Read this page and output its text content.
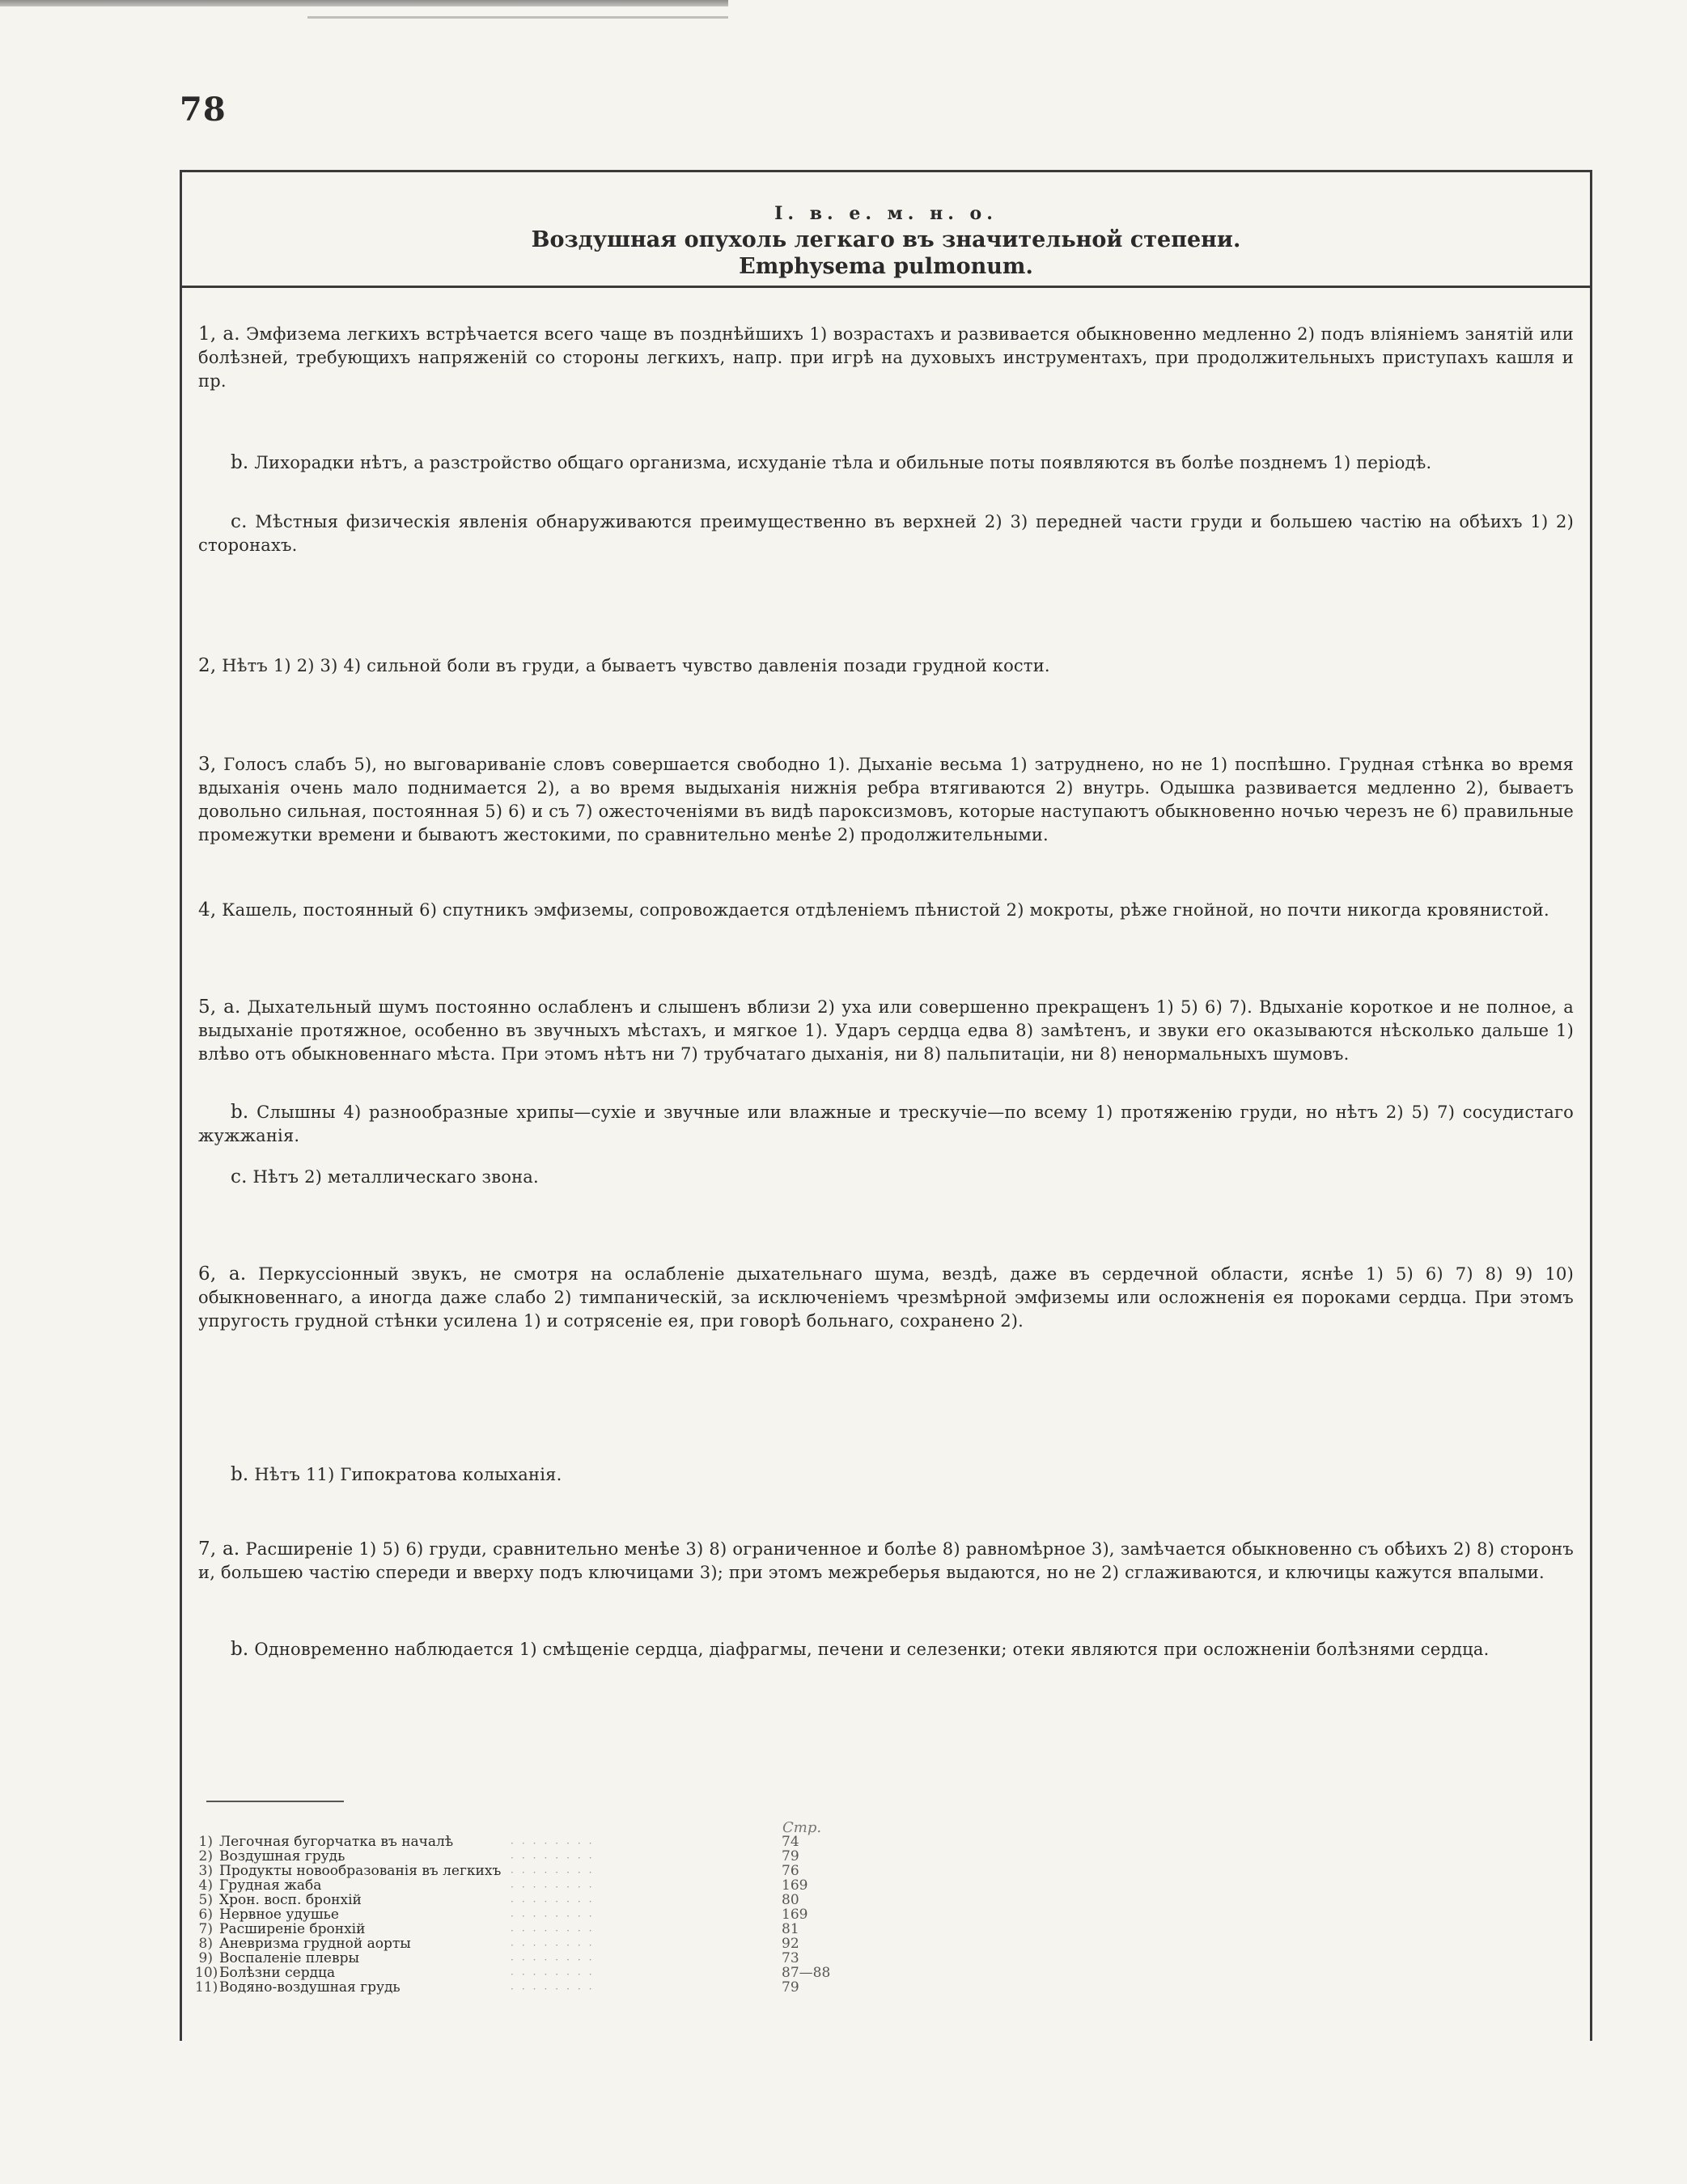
78
I. в. е. м. н. о.
Воздушная опухоль легкаго въ значительной степени.
Emphysema pulmonum.
1, а. Эмфизема легкихъ встрѣчается всего чаще въ позднѣйшихъ 1) возрастахъ и развивается обыкновенно медленно 2) подъ вліяніемъ занятій или болѣзней, требующихъ напряженій со стороны легкихъ, напр. при игрѣ на духовыхъ инструментахъ, при продолжительныхъ приступахъ кашля и пр.
b. Лихорадки нѣтъ, а разстройство общаго организма, исхуданіе тѣла и обильные поты появляются въ болѣе позднемъ 1) періодѣ.
c. Мѣстныя физическія явленія обнаруживаются преимущественно въ верхней 2) 3) передней части груди и большею частію на обѣихъ 1) 2) сторонахъ.
2, Нѣтъ 1) 2) 3) 4) сильной боли въ груди, а бываетъ чувство давленія позади грудной кости.
3, Голосъ слабъ 5), но выговариваніе словъ совершается свободно 1). Дыханіе весьма 1) затруднено, но не 1) поспѣшно. Грудная стѣнка во время вдыханія очень мало поднимается 2), а во время выдыханія нижнія ребра втягиваются 2) внутрь. Одышка развивается медленно 2), бываетъ довольно сильная, постоянная 5) 6) и съ 7) ожесточеніями въ видѣ пароксизмовъ, которые наступаютъ обыкновенно ночью черезъ не 6) правильные промежутки времени и бываютъ жестокими, по сравнительно менѣе 2) продолжительными.
4, Кашель, постоянный 6) спутникъ эмфиземы, сопровождается отдѣленіемъ пѣнистой 2) мокроты, рѣже гнойной, но почти никогда кровянистой.
5, а. Дыхательный шумъ постоянно ослабленъ и слышенъ вблизи 2) уха или совершенно прекращенъ 1) 5) 6) 7). Вдыханіе короткое и не полное, а выдыханіе протяжное, особенно въ звучныхъ мѣстахъ, и мягкое 1). Ударъ сердца едва 8) замѣтенъ, и звуки его оказываются нѣсколько дальше 1) влѣво отъ обыкновеннаго мѣста. При этомъ нѣтъ ни 7) трубчатаго дыханія, ни 8) пальпитаціи, ни 8) ненормальныхъ шумовъ.
b. Слышны 4) разнообразные хрипы—сухіе и звучные или влажные и трескучіе—по всему 1) протяженію груди, но нѣтъ 2) 5) 7) сосудистаго жужжанія.
c. Нѣтъ 2) металлическаго звона.
6, а. Перкуссіонный звукъ, не смотря на ослабленіе дыхательнаго шума, вездѣ, даже въ сердечной области, яснѣе 1) 5) 6) 7) 8) 9) 10) обыкновеннаго, а иногда даже слабо 2) тимпаническій, за исключеніемъ чрезмѣрной эмфиземы или осложненія ея пороками сердца. При этомъ упругость грудной стѣнки усилена 1) и сотрясеніе ея, при говорѣ больнаго, сохранено 2).
b. Нѣтъ 11) Гипократова колыханія.
7, а. Расширеніе 1) 5) 6) груди, сравнительно менѣе 3) 8) ограниченное и болѣе 8) равномѣрное 3), замѣчается обыкновенно съ обѣихъ 2) 8) сторонъ и, большею частію спереди и вверху подъ ключицами 3); при этомъ межреберья выдаются, но не 2) сглаживаются, и ключицы кажутся впалыми.
b. Одновременно наблюдается 1) смѣщеніе сердца, діафрагмы, печени и селезенки; отеки являются при осложненіи болѣзнями сердца.
Стр.
1) Легочная бугорчатка въ началѣ	········	74
2) Воздушная грудь	········	79
3) Продукты новообразованія въ легкихъ ········	76
4) Грудная жаба	········	169
5) Хрон. восп. бронхій	········	80
6) Нервное удушье	········	169
7) Расширеніе бронхій	········	81
8) Аневризма грудной аорты	········	92
9) Воспаленіе плевры	········	73
10) Болѣзни сердца	········	87—88
11) Водяно-воздушная грудь	········	79
